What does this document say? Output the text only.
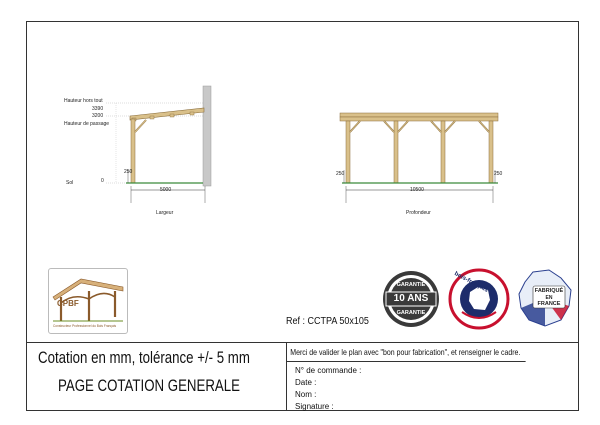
Hauteur hors tout
3390
3200
Hauteur de passage
Sol	0
250
5000
Largeur
250	250
10500
Profondeur
CPBF
Constructeur Professionnel du Bois Français
GARANTIE
10 ANS
GARANTIE
bois-français	FABRIQUÉ
EN
FRANCE
Ref : CCTPA 50x105
Cotation en mm, tolérance +/- 5 mm
PAGE COTATION GENERALE
Merci de valider le plan avec "bon pour fabrication", et renseigner le cadre.
N° de commande :
Date :
Nom :
Signature :
